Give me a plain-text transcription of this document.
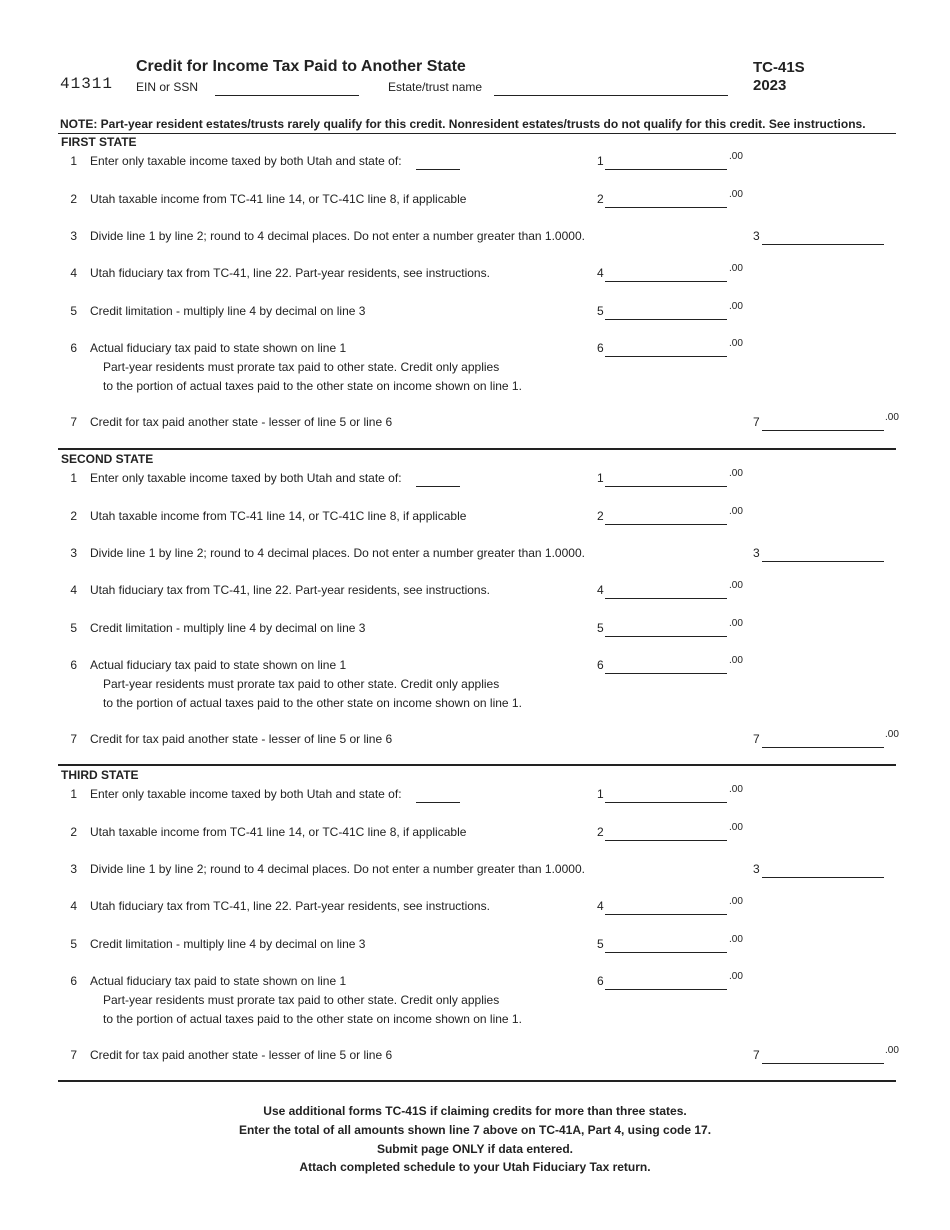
41311
Credit for Income Tax Paid to Another State
EIN or SSN	Estate/trust name
TC-41S
2023
NOTE: Part-year resident estates/trusts rarely qualify for this credit. Nonresident estates/trusts do not qualify for this credit. See instructions.
FIRST STATE
1 Enter only taxable income taxed by both Utah and state of:	1	.00
2 Utah taxable income from TC-41 line 14, or TC-41C line 8, if applicable	2	.00
3 Divide line 1 by line 2; round to 4 decimal places. Do not enter a number greater than 1.0000.	3
4 Utah fiduciary tax from TC-41, line 22. Part-year residents, see instructions.	4	.00
5 Credit limitation - multiply line 4 by decimal on line 3	5	.00
6 Actual fiduciary tax paid to state shown on line 1
Part-year residents must prorate tax paid to other state. Credit only applies
to the portion of actual taxes paid to the other state on income shown on line 1.
6	.00
7 Credit for tax paid another state - lesser of line 5 or line 6	7	.00
SECOND STATE
1 Enter only taxable income taxed by both Utah and state of:	1	.00
2 Utah taxable income from TC-41 line 14, or TC-41C line 8, if applicable	2	.00
3 Divide line 1 by line 2; round to 4 decimal places. Do not enter a number greater than 1.0000.	3
4 Utah fiduciary tax from TC-41, line 22. Part-year residents, see instructions.	4	.00
5 Credit limitation - multiply line 4 by decimal on line 3	5	.00
6 Actual fiduciary tax paid to state shown on line 1
Part-year residents must prorate tax paid to other state. Credit only applies
to the portion of actual taxes paid to the other state on income shown on line 1.
6	.00
7 Credit for tax paid another state - lesser of line 5 or line 6	7	.00
THIRD STATE
1 Enter only taxable income taxed by both Utah and state of:	1	.00
2 Utah taxable income from TC-41 line 14, or TC-41C line 8, if applicable	2	.00
3 Divide line 1 by line 2; round to 4 decimal places. Do not enter a number greater than 1.0000.	3
4 Utah fiduciary tax from TC-41, line 22. Part-year residents, see instructions.	4	.00
5 Credit limitation - multiply line 4 by decimal on line 3	5	.00
6 Actual fiduciary tax paid to state shown on line 1
Part-year residents must prorate tax paid to other state. Credit only applies
to the portion of actual taxes paid to the other state on income shown on line 1.
6	.00
7 Credit for tax paid another state - lesser of line 5 or line 6	7	.00
Use additional forms TC-41S if claiming credits for more than three states.
Enter the total of all amounts shown line 7 above on TC-41A, Part 4, using code 17.
Submit page ONLY if data entered.
Attach completed schedule to your Utah Fiduciary Tax return.
